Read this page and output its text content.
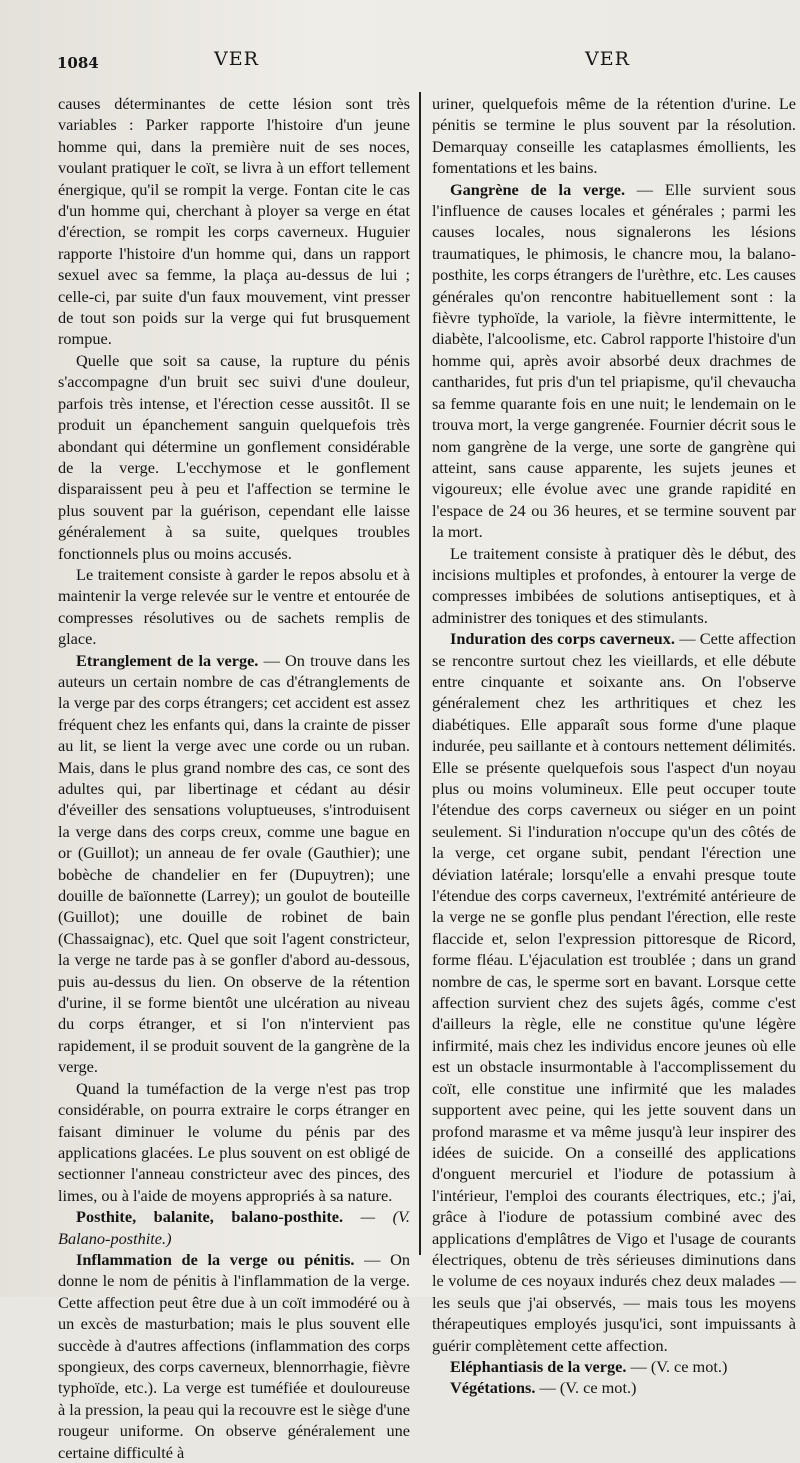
1084	VER	VER

causes déterminantes de cette lésion sont très variables : Parker rapporte l'histoire d'un jeune homme qui, dans la première nuit de ses noces, voulant pratiquer le coït, se livra à un effort tellement énergique, qu'il se rompit la verge. Fontan cite le cas d'un homme qui, cherchant à ployer sa verge en état d'érection, se rompit les corps caverneux. Huguier rapporte l'histoire d'un homme qui, dans un rapport sexuel avec sa femme, la plaça au-dessus de lui ; celle-ci, par suite d'un faux mouvement, vint presser de tout son poids sur la verge qui fut brusquement rompue.

Quelle que soit sa cause, la rupture du pénis s'accompagne d'un bruit sec suivi d'une douleur, parfois très intense, et l'érection cesse aussitôt. Il se produit un épanchement sanguin quelquefois très abondant qui détermine un gonflement considérable de la verge. L'ecchymose et le gonflement disparaissent peu à peu et l'affection se termine le plus souvent par la guérison, cependant elle laisse généralement à sa suite, quelques troubles fonctionnels plus ou moins accusés.

Le traitement consiste à garder le repos absolu et à maintenir la verge relevée sur le ventre et entourée de compresses résolutives ou de sachets remplis de glace.

Etranglement de la verge. — On trouve dans les auteurs un certain nombre de cas d'étranglements de la verge par des corps étrangers; cet accident est assez fréquent chez les enfants qui, dans la crainte de pisser au lit, se lient la verge avec une corde ou un ruban. Mais, dans le plus grand nombre des cas, ce sont des adultes qui, par libertinage et cédant au désir d'éveiller des sensations voluptueuses, s'introduisent la verge dans des corps creux, comme une bague en or (Guillot); un anneau de fer ovale (Gauthier); une bobèche de chandelier en fer (Dupuytren); une douille de baïonnette (Larrey); un goulot de bouteille (Guillot); une douille de robinet de bain (Chassaignac), etc. Quel que soit l'agent constricteur, la verge ne tarde pas à se gonfler d'abord au-dessous, puis au-dessus du lien. On observe de la rétention d'urine, il se forme bientôt une ulcération au niveau du corps étranger, et si l'on n'intervient pas rapidement, il se produit souvent de la gangrène de la verge.

Quand la tuméfaction de la verge n'est pas trop considérable, on pourra extraire le corps étranger en faisant diminuer le volume du pénis par des applications glacées. Le plus souvent on est obligé de sectionner l'anneau constricteur avec des pinces, des limes, ou à l'aide de moyens appropriés à sa nature.

Posthite, balanite, balano-posthite. — (V. Balano-posthite.)

Inflammation de la verge ou pénitis. — On donne le nom de pénitis à l'inflammation de la verge. Cette affection peut être due à un coït immodéré ou à un excès de masturbation; mais le plus souvent elle succède à d'autres affections (inflammation des corps spongieux, des corps caverneux, blennorrhagie, fièvre typhoïde, etc.). La verge est tuméfiée et douloureuse à la pression, la peau qui la recouvre est le siège d'une rougeur uniforme. On observe généralement une certaine difficulté à

uriner, quelquefois même de la rétention d'urine. Le pénitis se termine le plus souvent par la résolution. Demarquay conseille les cataplasmes émollients, les fomentations et les bains.

Gangrène de la verge. — Elle survient sous l'influence de causes locales et générales ; parmi les causes locales, nous signalerons les lésions traumatiques, le phimosis, le chancre mou, la balano-posthite, les corps étrangers de l'urèthre, etc. Les causes générales qu'on rencontre habituellement sont : la fièvre typhoïde, la variole, la fièvre intermittente, le diabète, l'alcoolisme, etc. Cabrol rapporte l'histoire d'un homme qui, après avoir absorbé deux drachmes de cantharides, fut pris d'un tel priapisme, qu'il chevaucha sa femme quarante fois en une nuit; le lendemain on le trouva mort, la verge gangrenée. Fournier décrit sous le nom gangrène de la verge, une sorte de gangrène qui atteint, sans cause apparente, les sujets jeunes et vigoureux; elle évolue avec une grande rapidité en l'espace de 24 ou 36 heures, et se termine souvent par la mort.

Le traitement consiste à pratiquer dès le début, des incisions multiples et profondes, à entourer la verge de compresses imbibées de solutions antiseptiques, et à administrer des toniques et des stimulants.

Induration des corps caverneux. — Cette affection se rencontre surtout chez les vieillards, et elle débute entre cinquante et soixante ans. On l'observe généralement chez les arthritiques et chez les diabétiques. Elle apparaît sous forme d'une plaque indurée, peu saillante et à contours nettement délimités. Elle se présente quelquefois sous l'aspect d'un noyau plus ou moins volumineux. Elle peut occuper toute l'étendue des corps caverneux ou siéger en un point seulement. Si l'induration n'occupe qu'un des côtés de la verge, cet organe subit, pendant l'érection une déviation latérale; lorsqu'elle a envahi presque toute l'étendue des corps caverneux, l'extrémité antérieure de la verge ne se gonfle plus pendant l'érection, elle reste flaccide et, selon l'expression pittoresque de Ricord, forme fléau. L'éjaculation est troublée ; dans un grand nombre de cas, le sperme sort en bavant. Lorsque cette affection survient chez des sujets âgés, comme c'est d'ailleurs la règle, elle ne constitue qu'une légère infirmité, mais chez les individus encore jeunes où elle est un obstacle insurmontable à l'accomplissement du coït, elle constitue une infirmité que les malades supportent avec peine, qui les jette souvent dans un profond marasme et va même jusqu'à leur inspirer des idées de suicide. On a conseillé des applications d'onguent mercuriel et l'iodure de potassium à l'intérieur, l'emploi des courants électriques, etc.; j'ai, grâce à l'iodure de potassium combiné avec des applications d'emplâtres de Vigo et l'usage de courants électriques, obtenu de très sérieuses diminutions dans le volume de ces noyaux indurés chez deux malades — les seuls que j'ai observés, — mais tous les moyens thérapeutiques employés jusqu'ici, sont impuissants à guérir complètement cette affection.

Eléphantiasis de la verge. — (V. ce mot.)

Végétations. — (V. ce mot.)
